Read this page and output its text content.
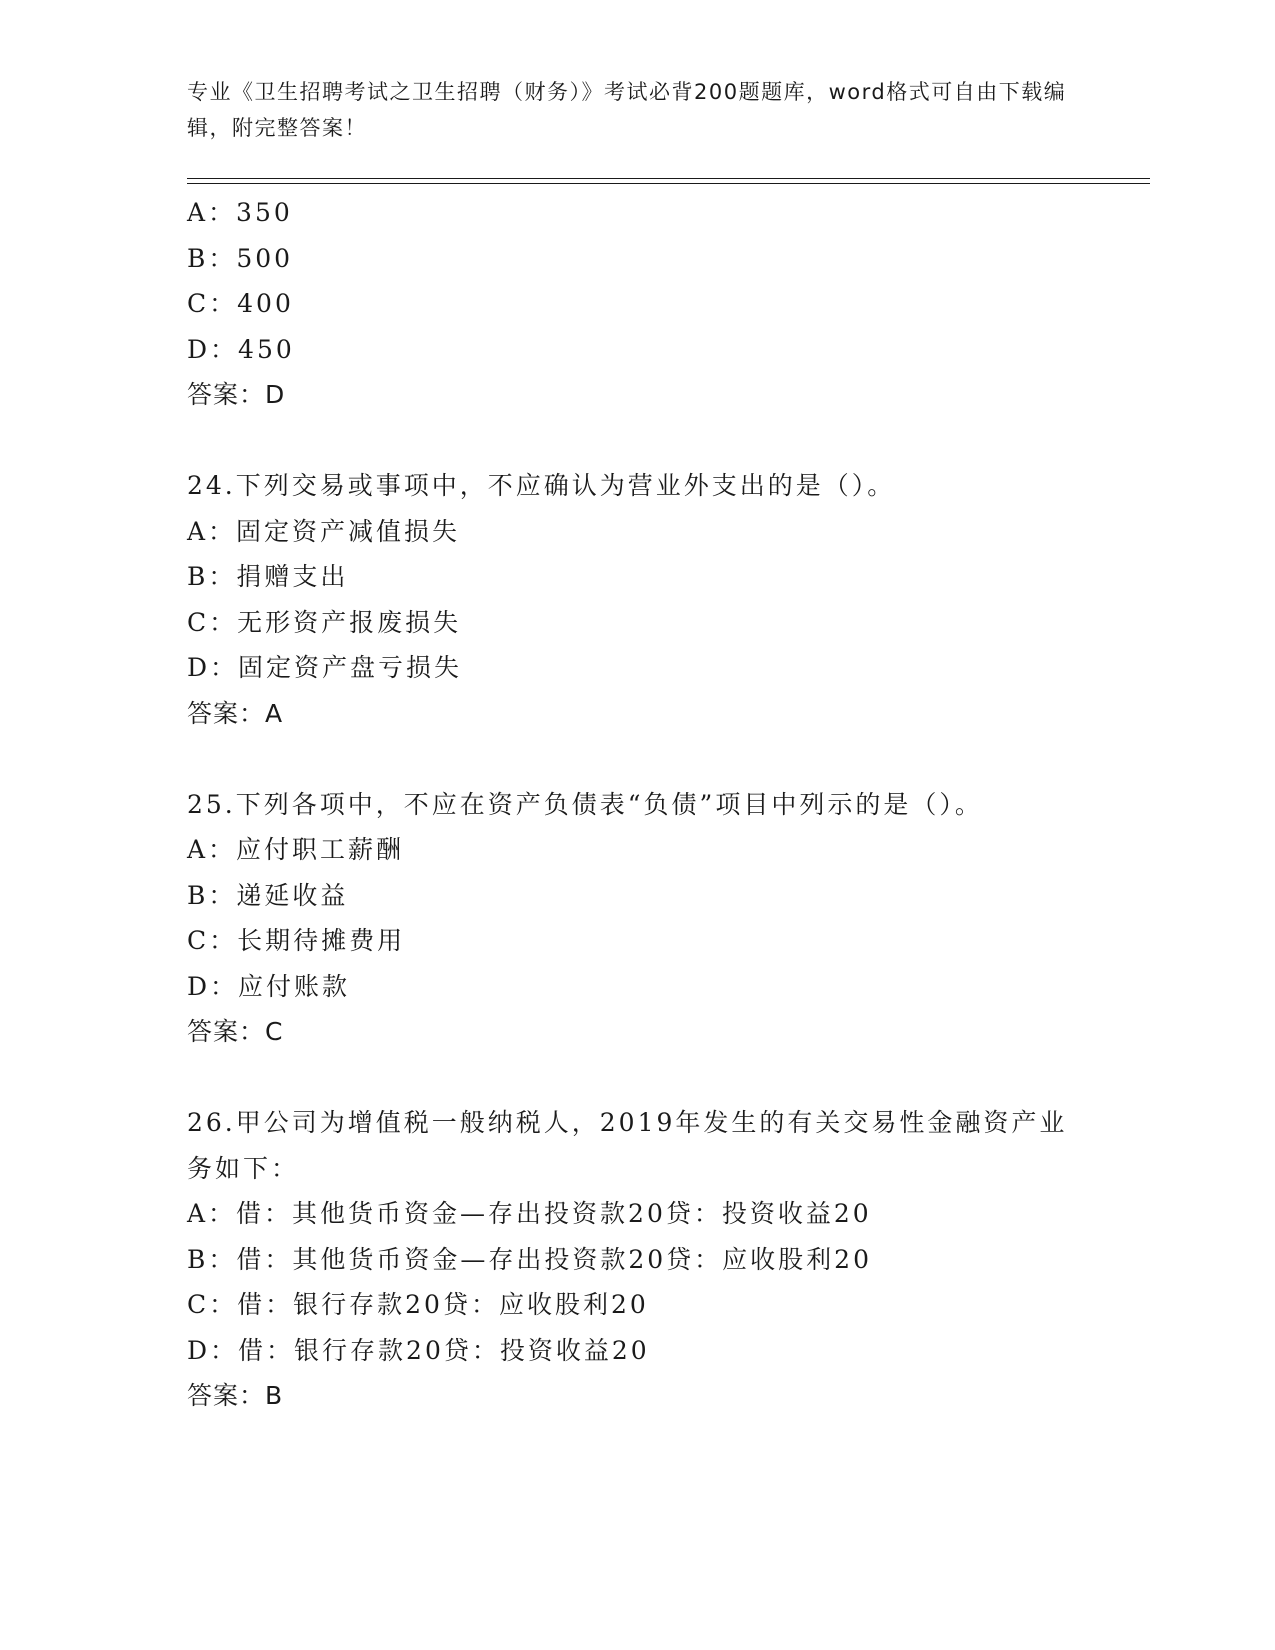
专业《卫生招聘考试之卫生招聘（财务）》考试必背200题题库，word格式可自由下载编辑，附完整答案！
A：350
B：500
C：400
D：450
答案：D
24.下列交易或事项中，不应确认为营业外支出的是（）。
A：固定资产减值损失
B：捐赠支出
C：无形资产报废损失
D：固定资产盘亏损失
答案：A
25.下列各项中，不应在资产负债表“负债”项目中列示的是（）。
A：应付职工薪酬
B：递延收益
C：长期待摊费用
D：应付账款
答案：C
26.甲公司为增值税一般纳税人，2019年发生的有关交易性金融资产业
务如下：
A：借：其他货币资金—存出投资款20贷：投资收益20
B：借：其他货币资金—存出投资款20贷：应收股利20
C：借：银行存款20贷：应收股利20
D：借：银行存款20贷：投资收益20
答案：B
